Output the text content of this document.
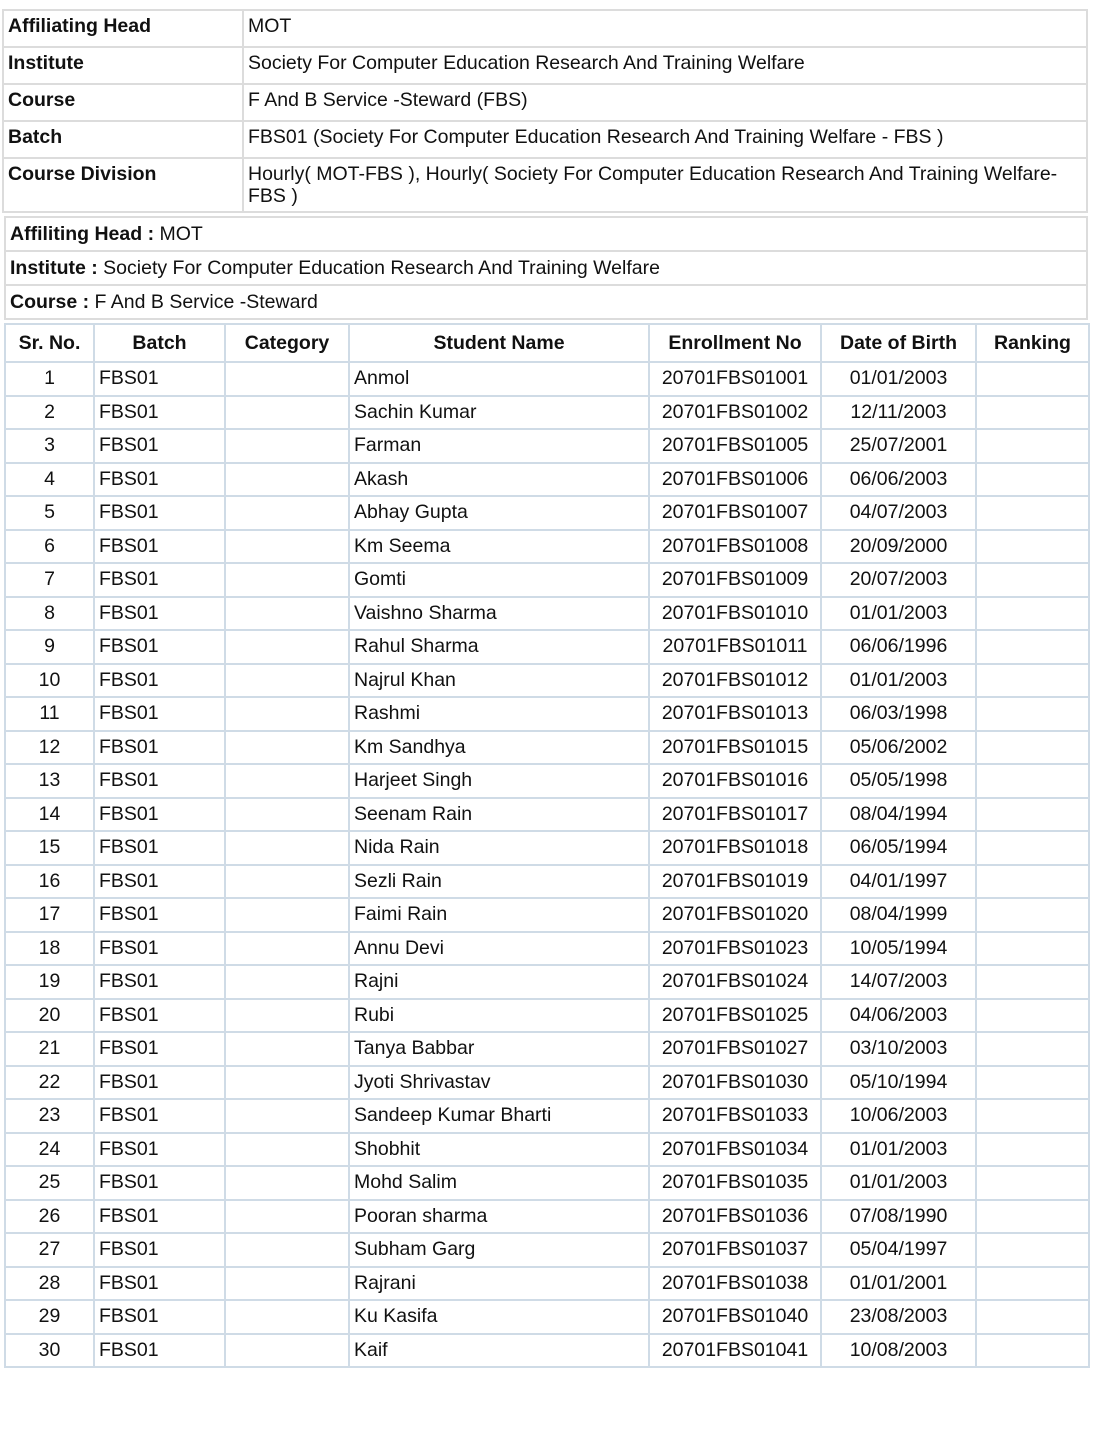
Affiliating Head	MOT
Institute	Society For Computer Education Research And Training Welfare
Course	F And B Service -Steward (FBS)
Batch	FBS01 (Society For Computer Education Research And Training Welfare - FBS )
Course Division	Hourly( MOT-FBS ), Hourly( Society For Computer Education Research And Training Welfare-FBS )
Affiliting Head : MOT
Institute : Society For Computer Education Research And Training Welfare
Course : F And B Service -Steward
Sr. No.	Batch	Category	Student Name	Enrollment No	Date of Birth	Ranking
1	FBS01		Anmol	20701FBS01001	01/01/2003	
2	FBS01		Sachin Kumar	20701FBS01002	12/11/2003	
3	FBS01		Farman	20701FBS01005	25/07/2001	
4	FBS01		Akash	20701FBS01006	06/06/2003	
5	FBS01		Abhay Gupta	20701FBS01007	04/07/2003	
6	FBS01		Km Seema	20701FBS01008	20/09/2000	
7	FBS01		Gomti	20701FBS01009	20/07/2003	
8	FBS01		Vaishno Sharma	20701FBS01010	01/01/2003	
9	FBS01		Rahul Sharma	20701FBS01011	06/06/1996	
10	FBS01		Najrul Khan	20701FBS01012	01/01/2003	
11	FBS01		Rashmi	20701FBS01013	06/03/1998	
12	FBS01		Km Sandhya	20701FBS01015	05/06/2002	
13	FBS01		Harjeet Singh	20701FBS01016	05/05/1998	
14	FBS01		Seenam Rain	20701FBS01017	08/04/1994	
15	FBS01		Nida Rain	20701FBS01018	06/05/1994	
16	FBS01		Sezli Rain	20701FBS01019	04/01/1997	
17	FBS01		Faimi Rain	20701FBS01020	08/04/1999	
18	FBS01		Annu Devi	20701FBS01023	10/05/1994	
19	FBS01		Rajni	20701FBS01024	14/07/2003	
20	FBS01		Rubi	20701FBS01025	04/06/2003	
21	FBS01		Tanya Babbar	20701FBS01027	03/10/2003	
22	FBS01		Jyoti Shrivastav	20701FBS01030	05/10/1994	
23	FBS01		Sandeep Kumar Bharti	20701FBS01033	10/06/2003	
24	FBS01		Shobhit	20701FBS01034	01/01/2003	
25	FBS01		Mohd Salim	20701FBS01035	01/01/2003	
26	FBS01		Pooran sharma	20701FBS01036	07/08/1990	
27	FBS01		Subham Garg	20701FBS01037	05/04/1997	
28	FBS01		Rajrani	20701FBS01038	01/01/2001	
29	FBS01		Ku Kasifa	20701FBS01040	23/08/2003	
30	FBS01		Kaif	20701FBS01041	10/08/2003	
